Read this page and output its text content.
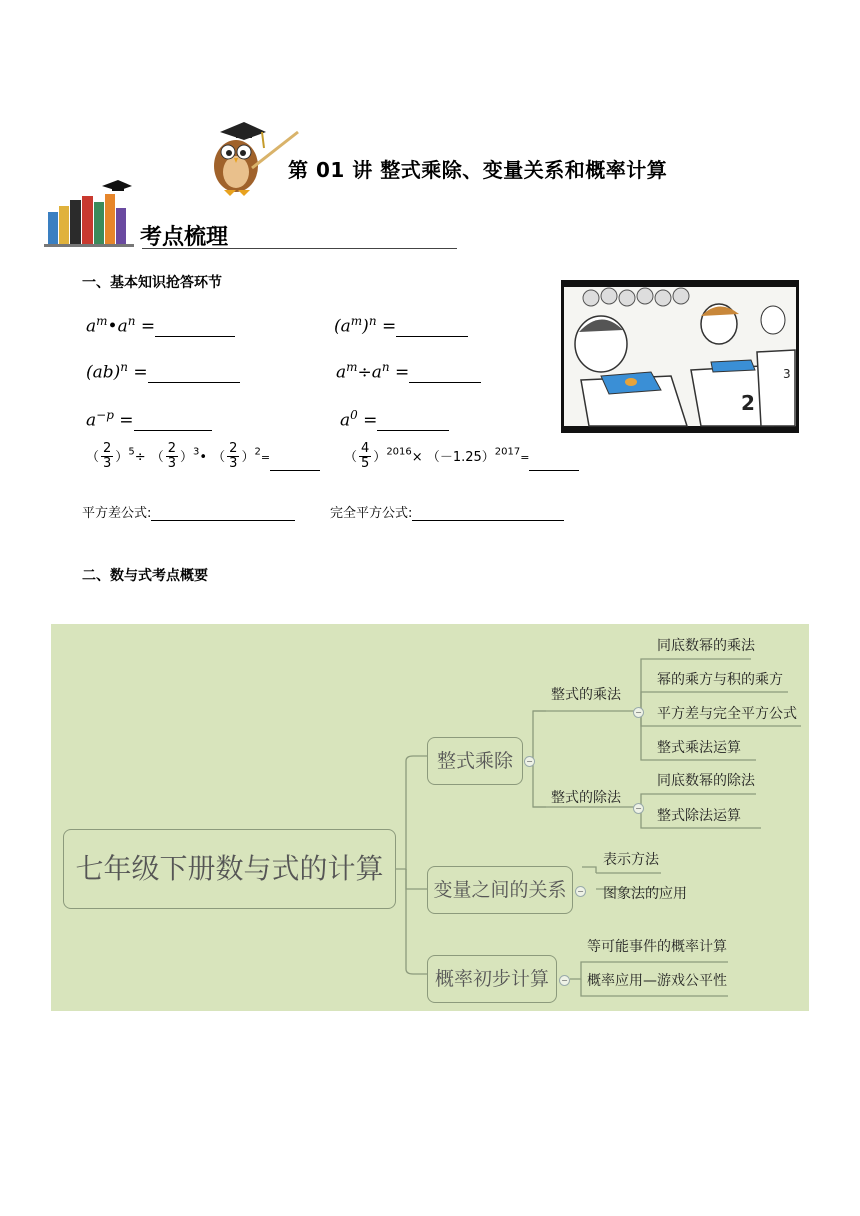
第 01 讲 整式乘除、变量关系和概率计算
考点梳理
一、基本知识抢答环节
2
3
$a^m•a^n$ =	$(a^m)^n$ =
(ab)$^n$ =	$a^m\div a^n$ =
$a^{-p}$ =	$a^0$ =
（ $\frac{2}{3} )^5\div$ （ $\frac{2}{3}$ ）$^3$• （ $\frac{2}{3} )^2=$	（ $\frac{4}{5} )^{2016}\times (-1.25)^{2017}=$
平方差公式:	完全平方公式:
二、数与式考点概要
七年级下册数与式的计算
整式乘除	−
整式的乘法
−
同底数幂的乘法
幂的乘方与积的乘方
平方差与完全平方公式
整式乘法运算
整式的除法
−
同底数幂的除法
整式除法运算
变量之间的关系	−
表示方法
图象法的应用
概率初步计算	−
等可能事件的概率计算
概率应用—游戏公平性
